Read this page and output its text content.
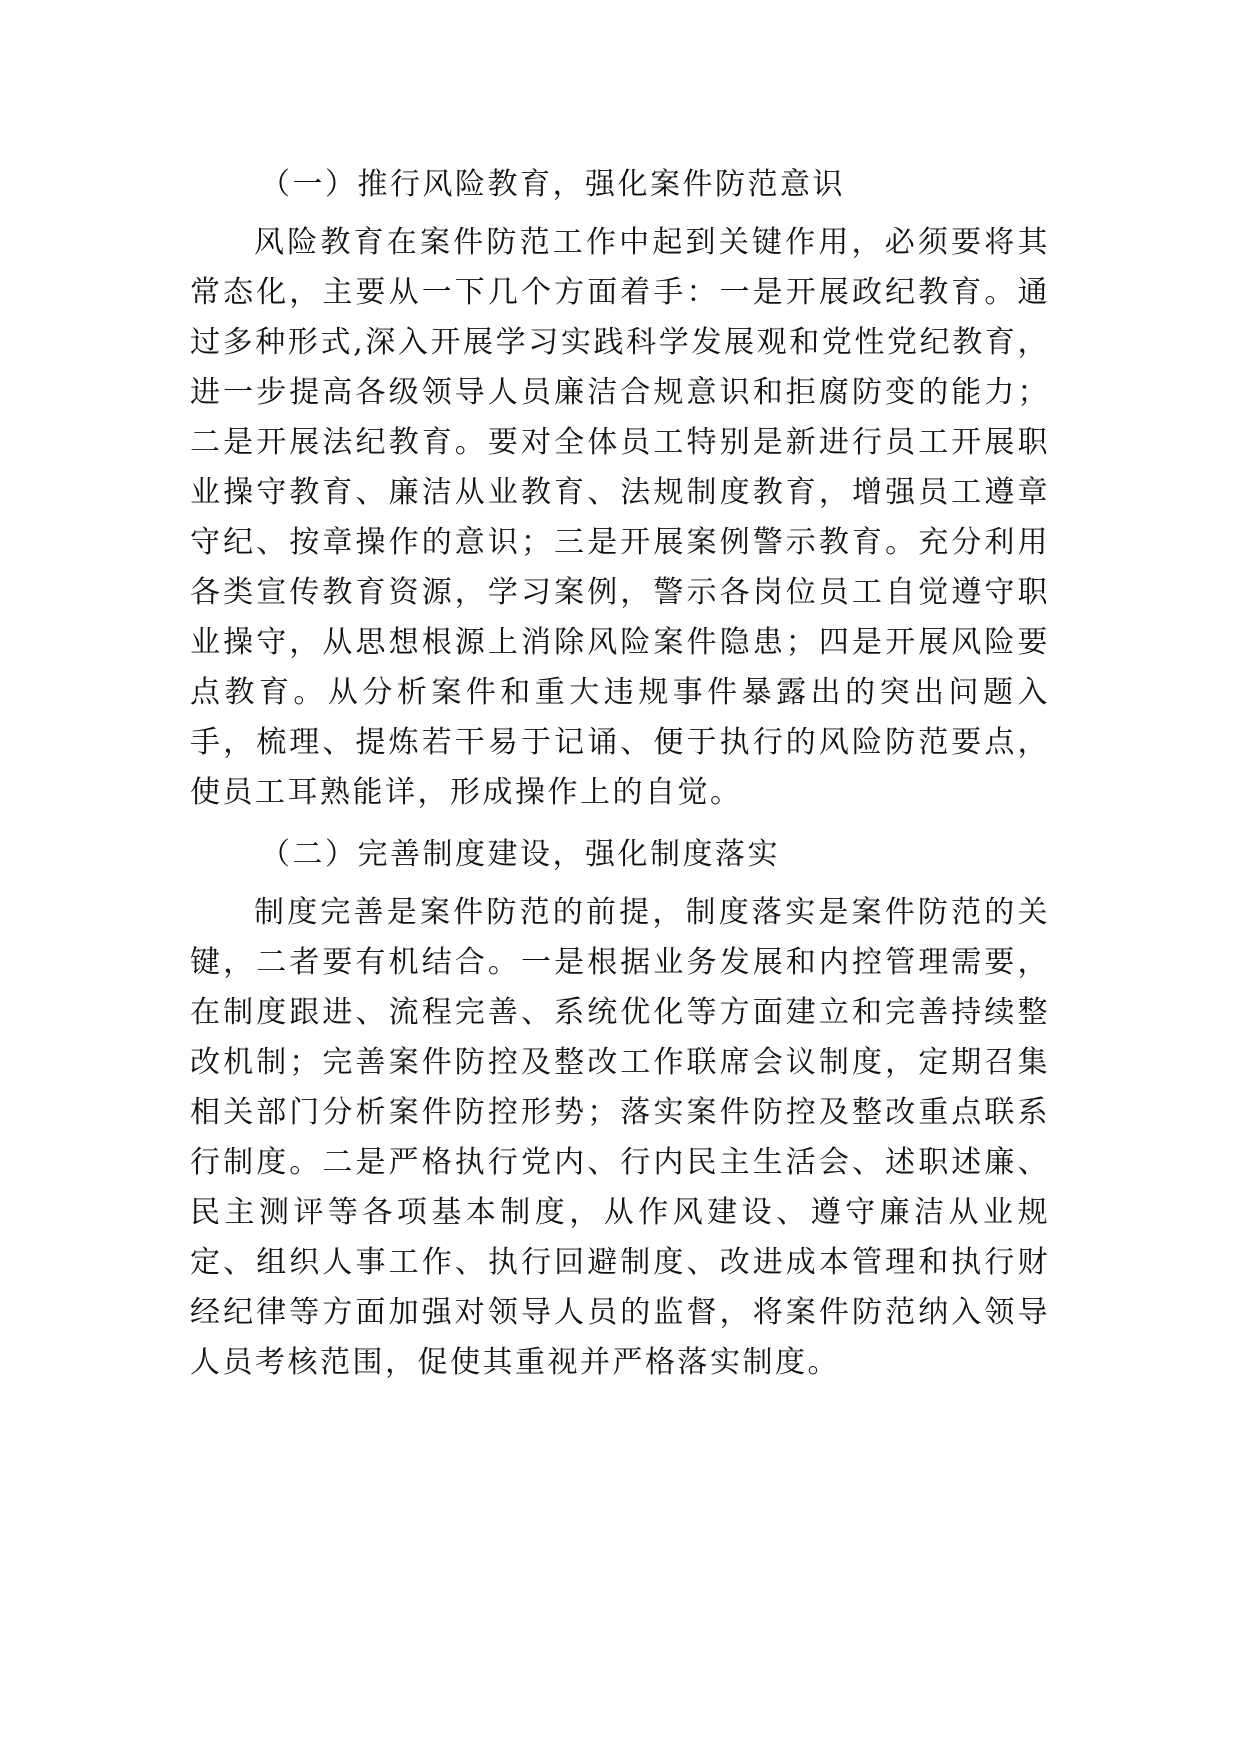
（一）推行风险教育，强化案件防范意识

风险教育在案件防范工作中起到关键作用，必须要将其常态化，主要从一下几个方面着手：一是开展政纪教育。通过多种形式,深入开展学习实践科学发展观和党性党纪教育，进一步提高各级领导人员廉洁合规意识和拒腐防变的能力；二是开展法纪教育。要对全体员工特别是新进行员工开展职业操守教育、廉洁从业教育、法规制度教育，增强员工遵章守纪、按章操作的意识；三是开展案例警示教育。充分利用各类宣传教育资源，学习案例，警示各岗位员工自觉遵守职业操守，从思想根源上消除风险案件隐患；四是开展风险要点教育。从分析案件和重大违规事件暴露出的突出问题入手，梳理、提炼若干易于记诵、便于执行的风险防范要点，使员工耳熟能详，形成操作上的自觉。

（二）完善制度建设，强化制度落实

制度完善是案件防范的前提，制度落实是案件防范的关键，二者要有机结合。一是根据业务发展和内控管理需要，在制度跟进、流程完善、系统优化等方面建立和完善持续整改机制；完善案件防控及整改工作联席会议制度，定期召集相关部门分析案件防控形势；落实案件防控及整改重点联系行制度。二是严格执行党内、行内民主生活会、述职述廉、民主测评等各项基本制度，从作风建设、遵守廉洁从业规定、组织人事工作、执行回避制度、改进成本管理和执行财经纪律等方面加强对领导人员的监督，将案件防范纳入领导人员考核范围，促使其重视并严格落实制度。
